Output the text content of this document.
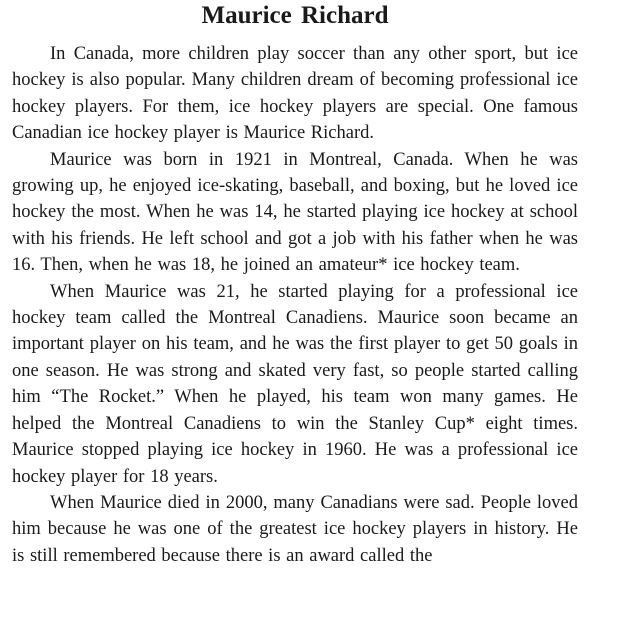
Maurice Richard

In Canada, more children play soccer than any other sport, but ice hockey is also popular. Many children dream of becoming professional ice hockey players. For them, ice hockey players are special. One famous Canadian ice hockey player is Maurice Richard.

Maurice was born in 1921 in Montreal, Canada. When he was growing up, he enjoyed ice-skating, baseball, and boxing, but he loved ice hockey the most. When he was 14, he started playing ice hockey at school with his friends. He left school and got a job with his father when he was 16. Then, when he was 18, he joined an amateur* ice hockey team.

When Maurice was 21, he started playing for a professional ice hockey team called the Montreal Canadiens. Maurice soon became an important player on his team, and he was the first player to get 50 goals in one season. He was strong and skated very fast, so people started calling him “The Rocket.” When he played, his team won many games. He helped the Montreal Canadiens to win the Stanley Cup* eight times. Maurice stopped playing ice hockey in 1960. He was a professional ice hockey player for 18 years.

When Maurice died in 2000, many Canadians were sad. People loved him because he was one of the greatest ice hockey players in history. He is still remembered because there is an award called the
